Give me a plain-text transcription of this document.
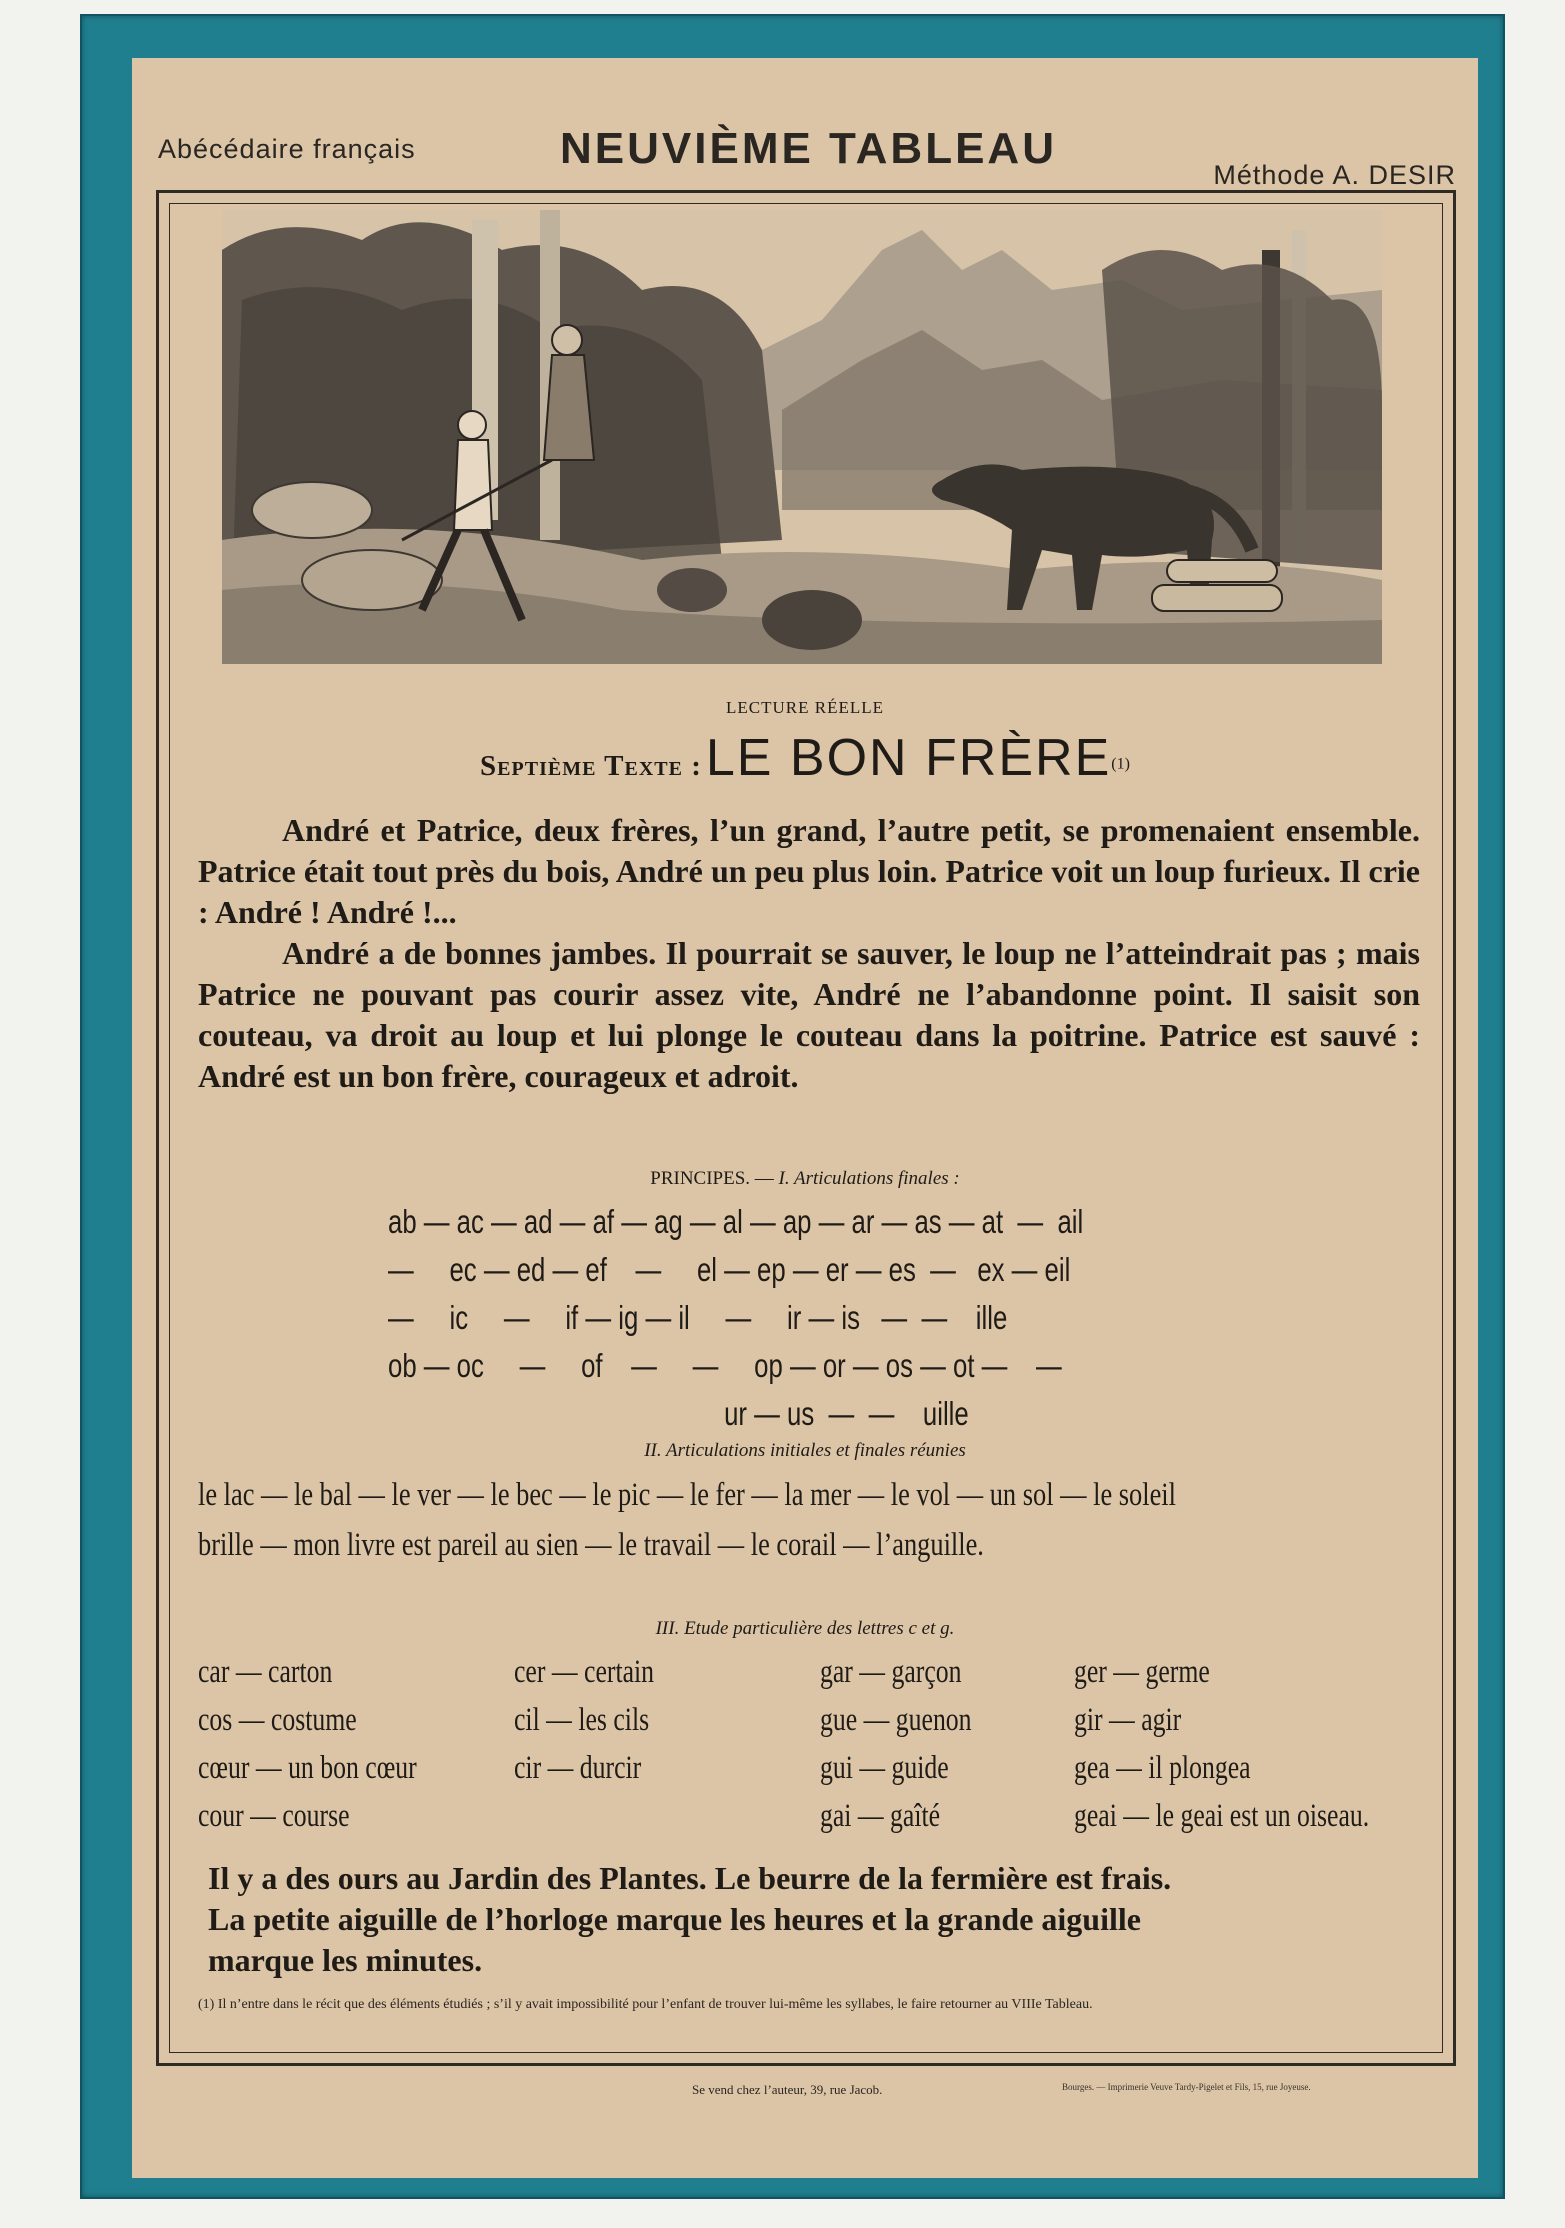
Abécédaire français	NEUVIÈME TABLEAU
Méthode A. DESIR
LECTURE RÉELLE
Septième Texte : LE BON FRÈRE(1)

André et Patrice, deux frères, l’un grand, l’autre petit, se promenaient ensemble. Patrice était tout près du bois, André un peu plus loin. Patrice voit un loup furieux. Il crie : André ! André !...

André a de bonnes jambes. Il pourrait se sauver, le loup ne l’atteindrait pas ; mais Patrice ne pouvant pas courir assez vite, André ne l’abandonne point. Il saisit son couteau, va droit au loup et lui plonge le couteau dans la poitrine. Patrice est sauvé : André est un bon frère, courageux et adroit.

PRINCIPES. — I. Articulations finales :
ab — ac — ad — af — ag — al — ap — ar — as — at  —  ail
—     ec — ed — ef    —     el — ep — er — es  —   ex — eil
—     ic     —     if — ig — il     —     ir — is   —  —    ille
ob — oc     —     of    —     —     op — or — os — ot —    —
ur — us  —  —    uille
II. Articulations initiales et finales réunies
le lac — le bal — le ver — le bec — le pic — le fer — la mer — le vol — un sol — le soleil
brille — mon livre est pareil au sien — le travail — le corail — l’anguille.
III. Etude particulière des lettres c et g.
car — carton
cos — costume
cœur — un bon cœur
cour — course
cer — certain
cil — les cils
cir — durcir
gar — garçon
gue — guenon
gui — guide
gai — gaîté
ger — germe
gir — agir
gea — il plongea
geai — le geai est un oiseau.

Il y a des ours au Jardin des Plantes. Le beurre de la fermière est frais.

La petite aiguille de l’horloge marque les heures et la grande aiguille

marque les minutes.

(1) Il n’entre dans le récit que des éléments étudiés ; s’il y avait impossibilité pour l’enfant de trouver lui-même les syllabes, le faire retourner au VIIIe Tableau.
Se vend chez l’auteur, 39, rue Jacob.	Bourges. — Imprimerie Veuve Tardy-Pigelet et Fils, 15, rue Joyeuse.
